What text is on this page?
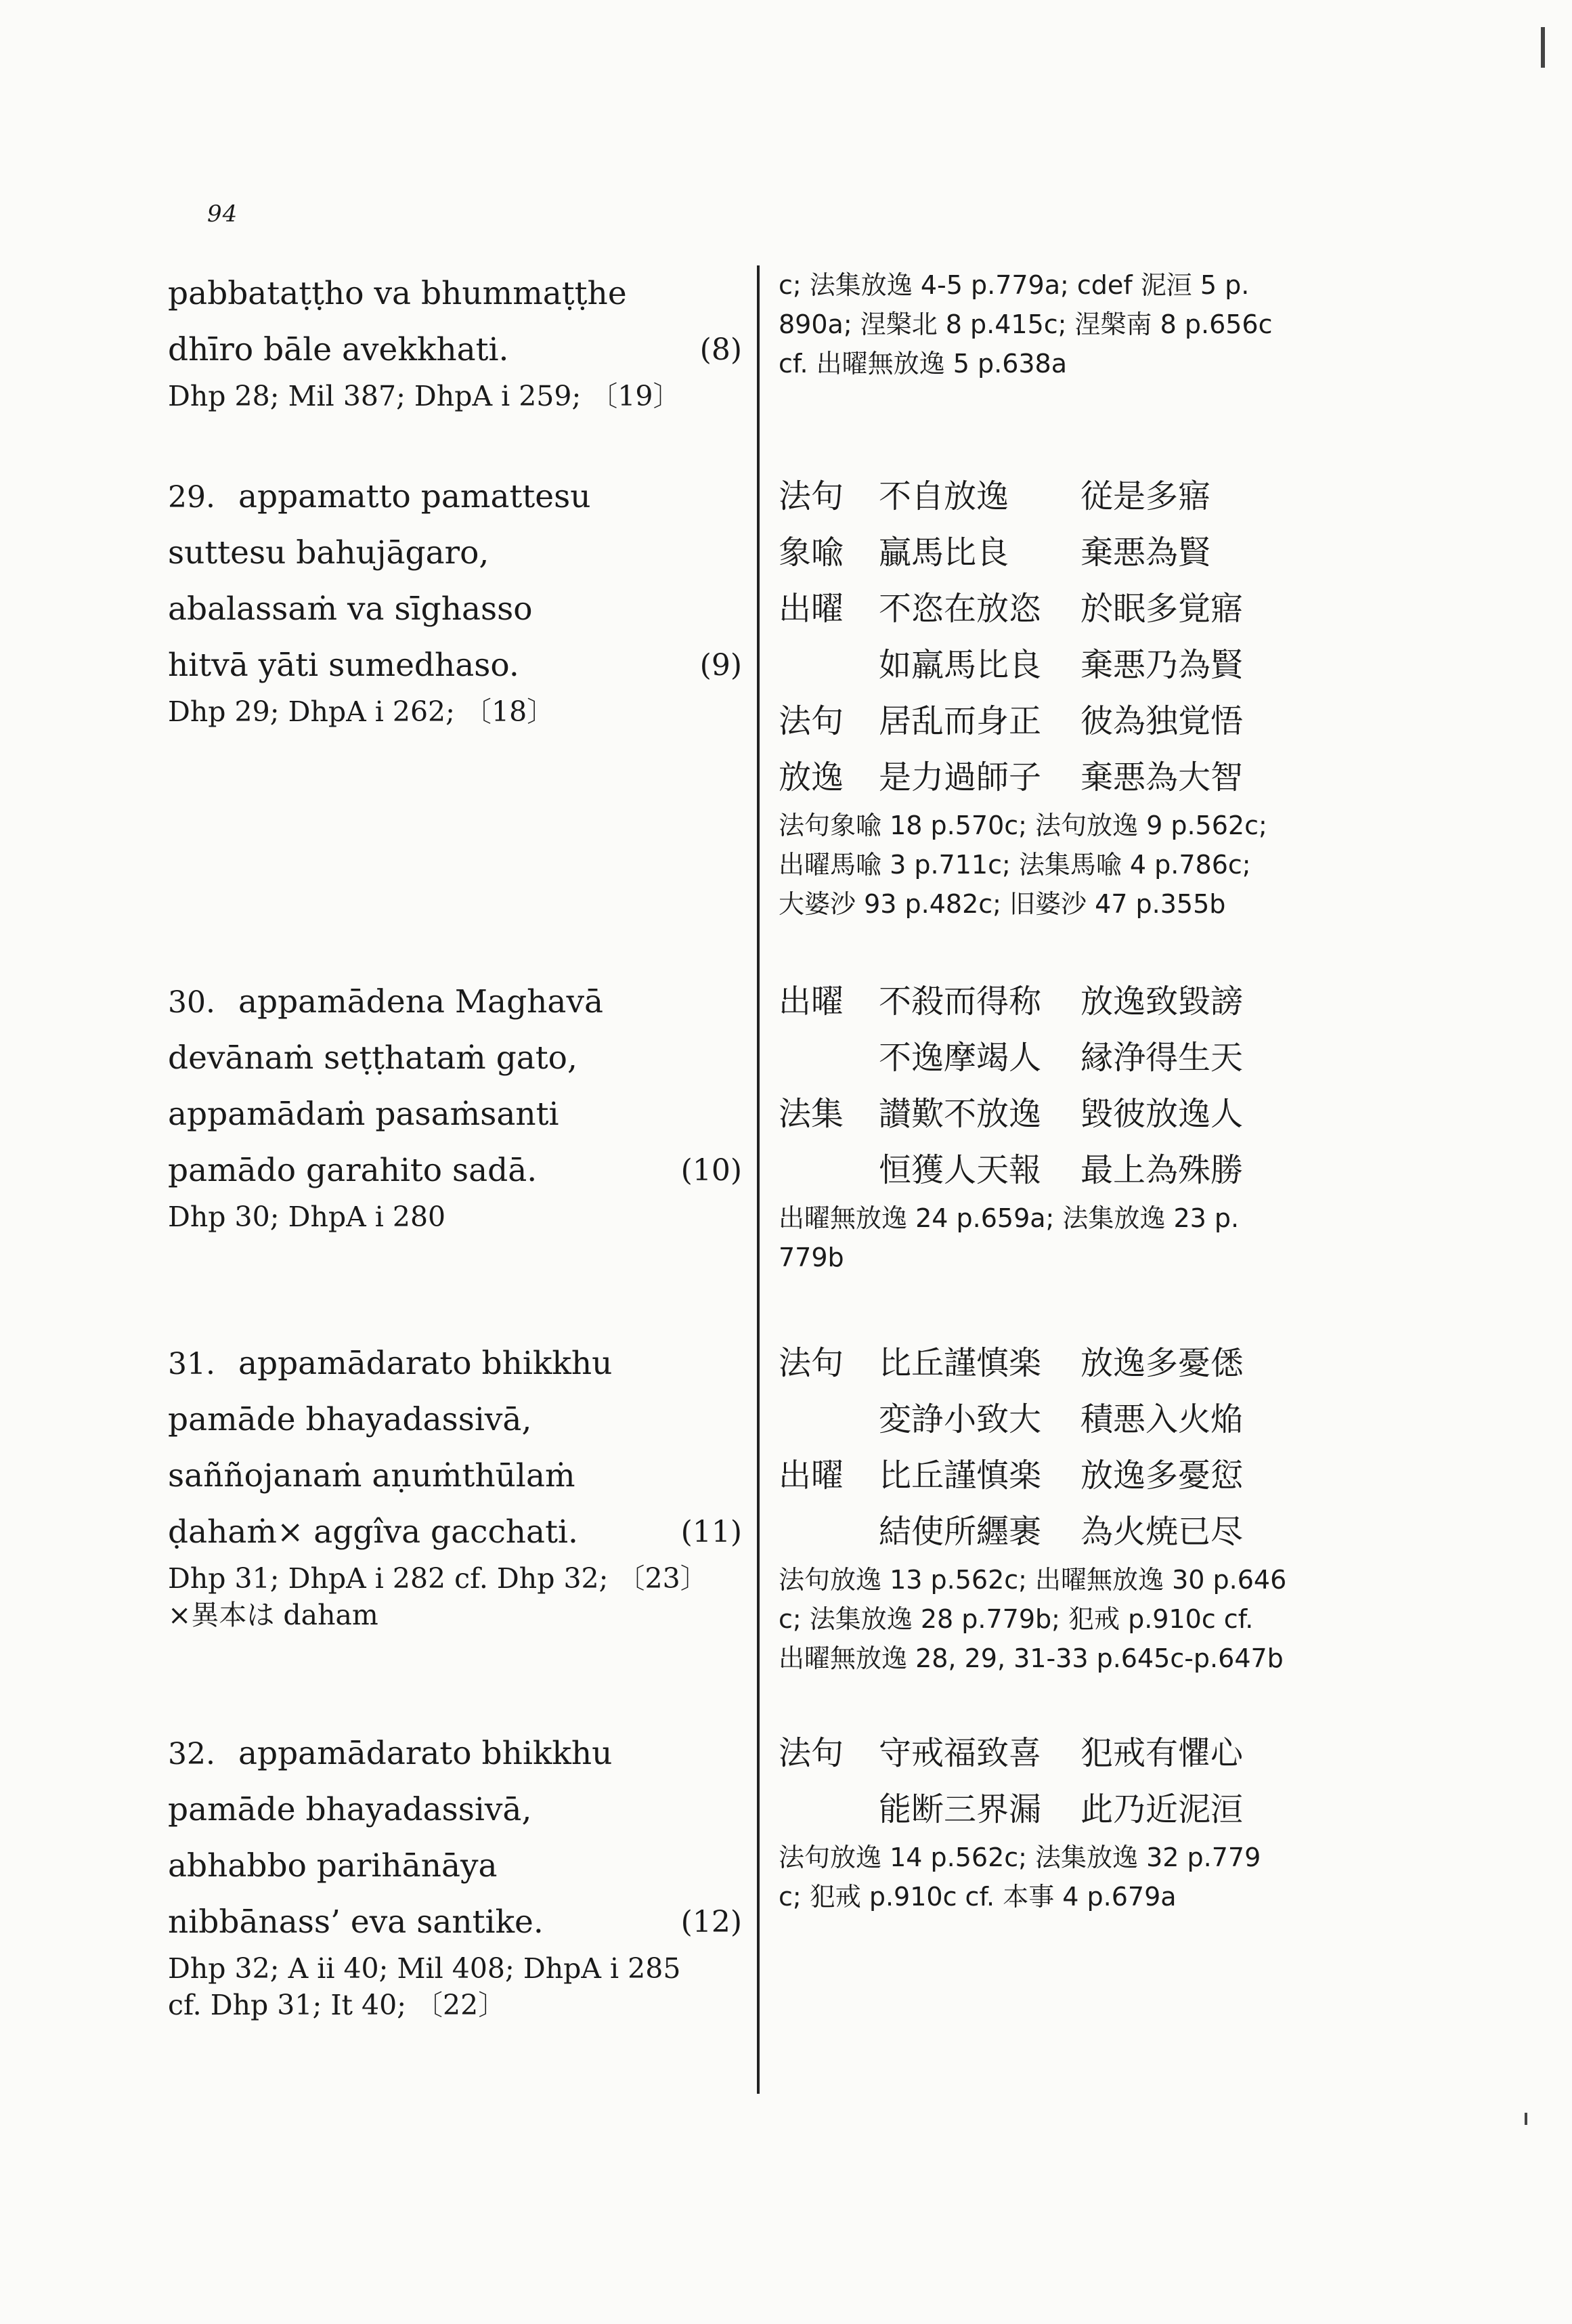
94
pabbataṭṭho va bhummaṭṭhe
dhīro bāle avekkhati.	(8)
Dhp 28; Mil 387; DhpA i 259; 〔19〕
29. appamatto pamattesu
suttesu bahujāgaro,
abalassaṁ va sīghasso
hitvā yāti sumedhaso.	(9)
Dhp 29; DhpA i 262; 〔18〕
30. appamādena Maghavā
devānaṁ seṭṭhataṁ gato,
appamādaṁ pasaṁsanti
pamādo garahito sadā.	(10)
Dhp 30; DhpA i 280
31. appamādarato bhikkhu
pamāde bhayadassivā,
saññojanaṁ aṇuṁthūlaṁ
ḍahaṁ× aggîva gacchati.	(11)
Dhp 31; DhpA i 282 cf. Dhp 32; 〔23〕
×異本は daham
32. appamādarato bhikkhu
pamāde bhayadassivā,
abhabbo parihānāya
nibbānass’ eva santike.	(12)
Dhp 32; A ii 40; Mil 408; DhpA i 285
cf. Dhp 31; It 40; 〔22〕
c; 法集放逸 4-5 p.779a; cdef 泥洹 5 p.
890a; 涅槃北 8 p.415c; 涅槃南 8 p.656c
cf. 出曜無放逸 5 p.638a
法句 不自放逸 従是多寤
象喩 贏馬比良 棄悪為賢
出曜 不恣在放恣 於眠多覚寤
如羸馬比良 棄悪乃為賢
法句 居乱而身正 彼為独覚悟
放逸 是力過師子 棄悪為大智
法句象喩 18 p.570c; 法句放逸 9 p.562c;
出曜馬喩 3 p.711c; 法集馬喩 4 p.786c;
大婆沙 93 p.482c; 旧婆沙 47 p.355b
出曜 不殺而得称 放逸致毀謗
不逸摩竭人 縁浄得生天
法集 讃歎不放逸 毀彼放逸人
恒獲人天報 最上為殊勝
出曜無放逸 24 p.659a; 法集放逸 23 p.
779b
法句 比丘謹慎楽 放逸多憂僁
変諍小致大 積悪入火焔
出曜 比丘謹慎楽 放逸多憂愆
結使所纒裹 為火焼已尽
法句放逸 13 p.562c; 出曜無放逸 30 p.646
c; 法集放逸 28 p.779b; 犯戒 p.910c cf.
出曜無放逸 28, 29, 31-33 p.645c-p.647b
法句 守戒福致喜 犯戒有懼心
能断三界漏 此乃近泥洹
法句放逸 14 p.562c; 法集放逸 32 p.779
c; 犯戒 p.910c cf. 本事 4 p.679a
